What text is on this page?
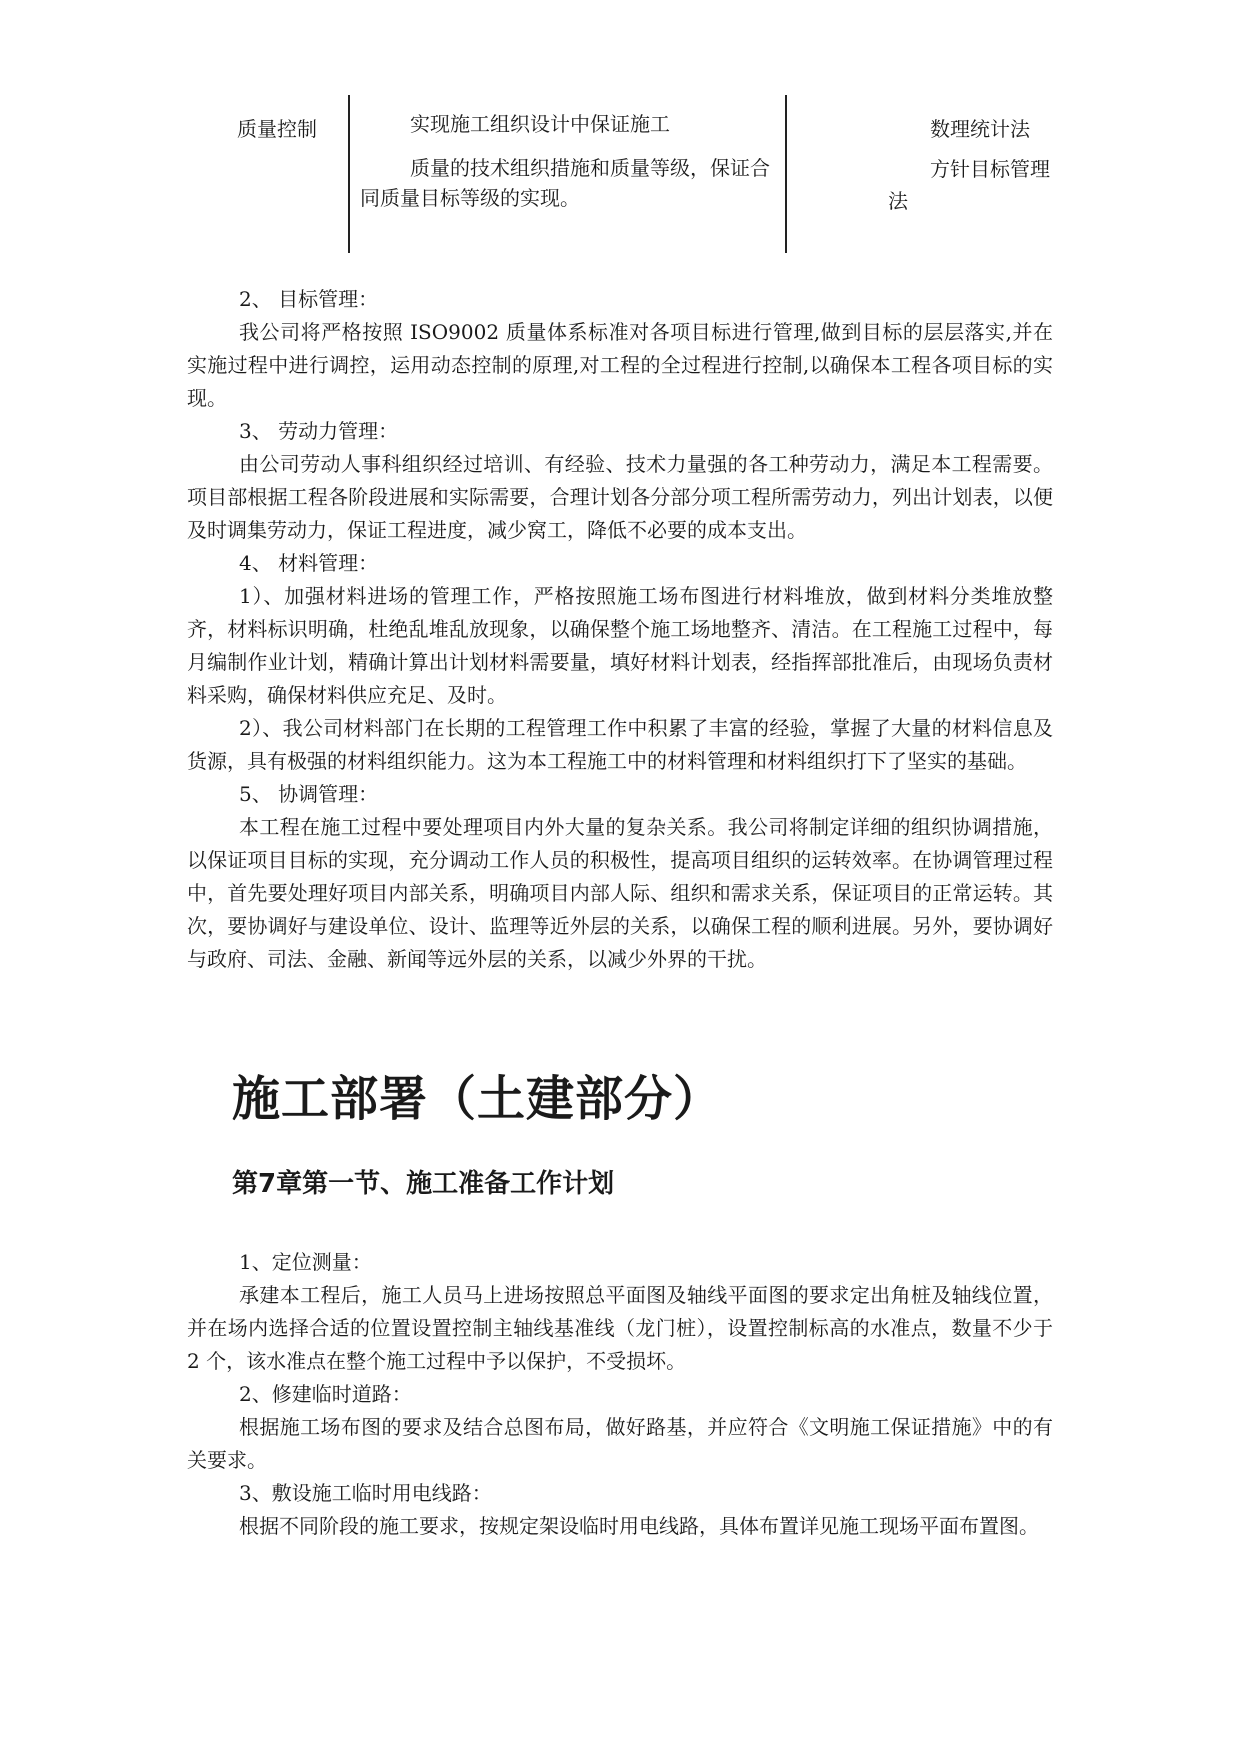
质量控制	实现施工组织设计中保证施工

质量的技术组织措施和质量等级，保证合同质量目标等级的实现。

数理统计法
方针目标管理
法

2、 目标管理：

我公司将严格按照 ISO9002 质量体系标准对各项目标进行管理,做到目标的层层落实,并在实施过程中进行调控，运用动态控制的原理,对工程的全过程进行控制,以确保本工程各项目标的实现。

3、 劳动力管理：

由公司劳动人事科组织经过培训、有经验、技术力量强的各工种劳动力，满足本工程需要。项目部根据工程各阶段进展和实际需要，合理计划各分部分项工程所需劳动力，列出计划表，以便及时调集劳动力，保证工程进度，减少窝工，降低不必要的成本支出。

4、 材料管理：

1）、加强材料进场的管理工作，严格按照施工场布图进行材料堆放，做到材料分类堆放整齐，材料标识明确，杜绝乱堆乱放现象，以确保整个施工场地整齐、清洁。在工程施工过程中，每月编制作业计划，精确计算出计划材料需要量，填好材料计划表，经指挥部批准后，由现场负责材料采购，确保材料供应充足、及时。

2）、我公司材料部门在长期的工程管理工作中积累了丰富的经验，掌握了大量的材料信息及货源，具有极强的材料组织能力。这为本工程施工中的材料管理和材料组织打下了坚实的基础。

5、 协调管理：

本工程在施工过程中要处理项目内外大量的复杂关系。我公司将制定详细的组织协调措施，以保证项目目标的实现，充分调动工作人员的积极性，提高项目组织的运转效率。在协调管理过程中，首先要处理好项目内部关系，明确项目内部人际、组织和需求关系，保证项目的正常运转。其次，要协调好与建设单位、设计、监理等近外层的关系，以确保工程的顺利进展。另外，要协调好与政府、司法、金融、新闻等远外层的关系，以减少外界的干扰。

施工部署（土建部分）
第7章第一节、施工准备工作计划

1、定位测量：

承建本工程后，施工人员马上进场按照总平面图及轴线平面图的要求定出角桩及轴线位置，并在场内选择合适的位置设置控制主轴线基准线（龙门桩），设置控制标高的水准点，数量不少于 2 个，该水准点在整个施工过程中予以保护，不受损坏。

2、修建临时道路：

根据施工场布图的要求及结合总图布局，做好路基，并应符合《文明施工保证措施》中的有关要求。

3、敷设施工临时用电线路：

根据不同阶段的施工要求，按规定架设临时用电线路，具体布置详见施工现场平面布置图。
